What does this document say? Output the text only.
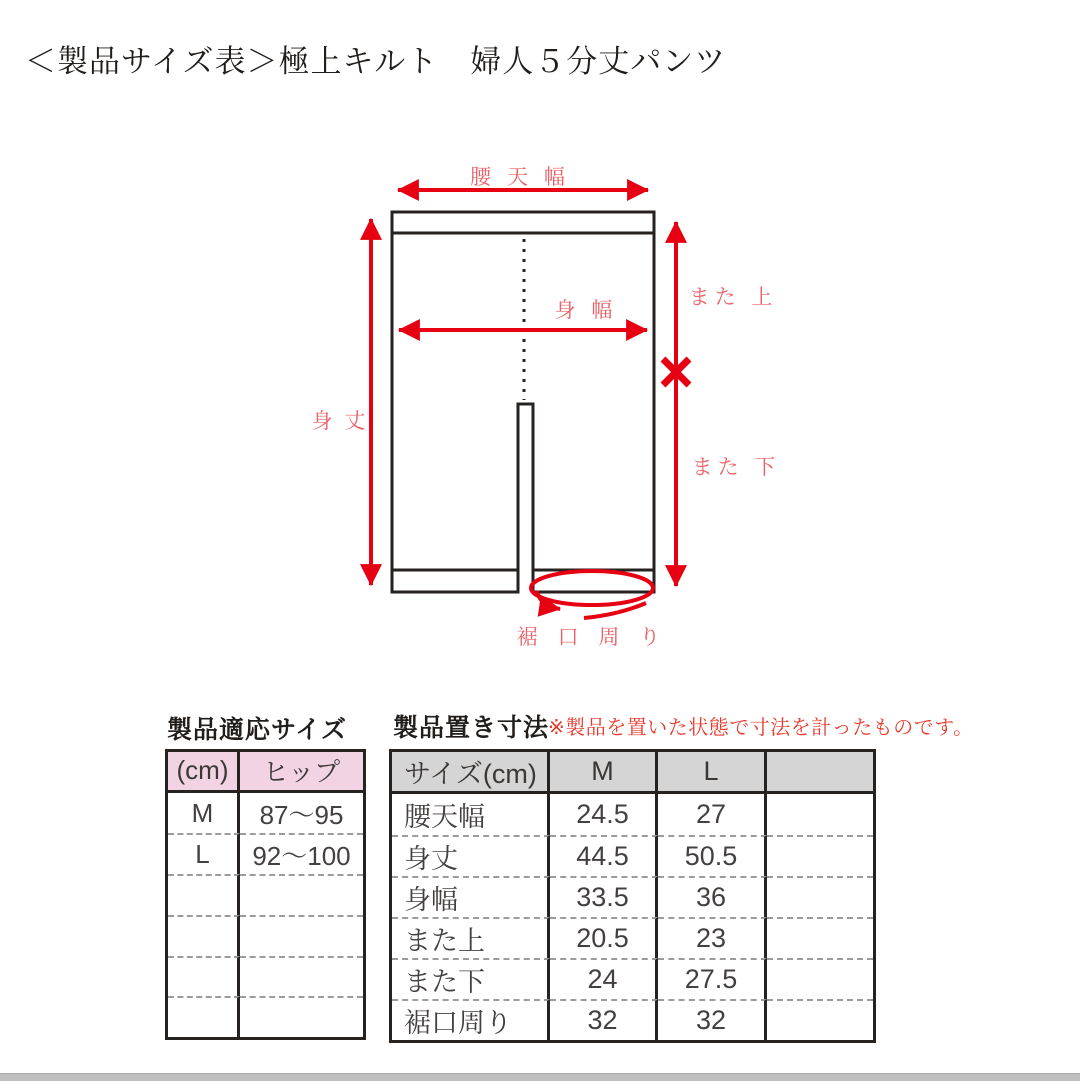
＜製品サイズ表＞極上キルト　婦人５分丈パンツ
腰 天 幅
また 上
また 下
身 幅
身 丈
裾 口 周 り
製品適応サイズ
(cm)	ヒップ
M	87〜95
L	92〜100
製品置き寸法
※製品を置いた状態で寸法を計ったものです。
サイズ(cm)	M	L
腰天幅	24.5	27
身丈	44.5	50.5
身幅	33.5	36
また上	20.5	23
また下	24	27.5
裾口周り	32	32
